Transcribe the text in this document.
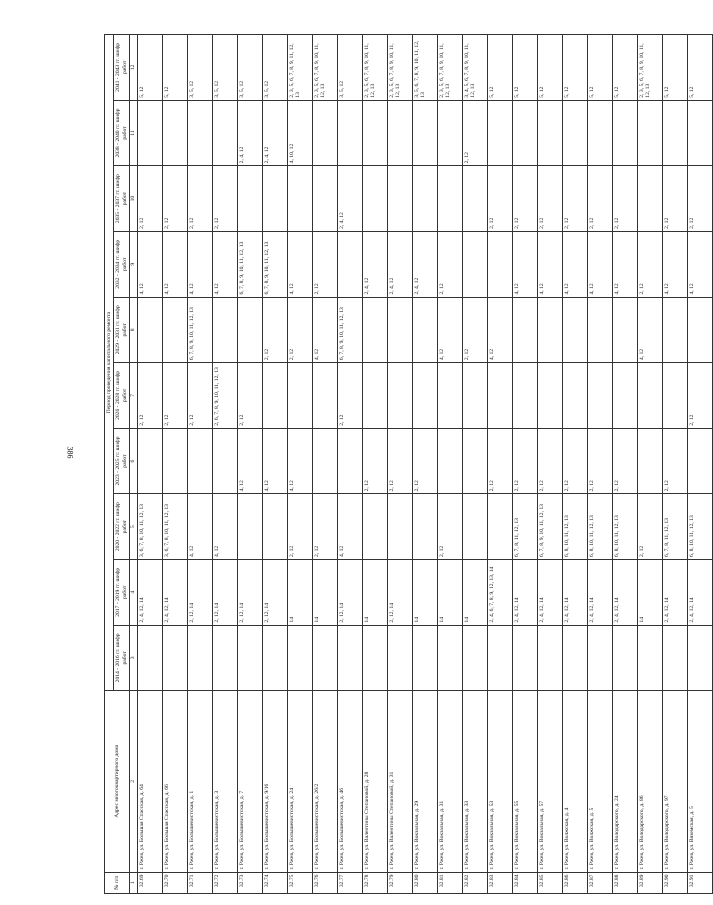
386
№ п/п	Адрес многоквартирного дома	Период проведения капитального ремонта									
		2014 - 2016 гг. шифр работ	2017 - 2019 гг. шифр работ	2020 - 2022 гг. шифр работ	2023 - 2025 гг. шифр работ	2026 - 2028 гг. шифр работ	2029 - 2031 гг. шифр работ	2032 - 2034 гг. шифр работ	2035 - 2037 гг. шифр работ	2038 - 2040 гг. шифр работ	2041 - 2043 гг. шифр работ
1	2	3	4	5	6	7	8	9	10	11	12
32.69	г. Ржев, ул. Большая Спасская, д. 64		2, 4, 12, 14	3, 6, 7, 8, 10, 11, 12, 13		2, 12		4, 12	2, 12		5, 12
32.70	г. Ржев, ул. Большая Спасская, д. 66		2, 4, 12, 14	3, 6, 7, 8, 10, 11, 12, 13		2, 12		4, 12	2, 12		5, 12
32.71	г. Ржев, ул. Болышевистская, д. 1		2, 12, 14	4, 12		2, 12	6, 7, 8, 9, 10, 11, 12, 13	4, 12	2, 12		3, 5, 12
32.72	г. Ржев, ул. Болышевистская, д. 3		2, 12, 14	4, 12		2, 6, 7, 8, 9, 10, 11, 12, 13		4, 12	2, 12		3, 5, 12
32.73	г. Ржев, ул. Болышевистская, д. 7		2, 12, 14		4, 12	2, 12		6, 7, 8, 9, 10, 11, 12, 13		2, 4, 12	3, 5, 12
32.74	г. Ржев, ул. Болышевистская, д. 9/16		2, 12, 14		4, 12		2, 12	6, 7, 8, 9, 10, 11, 12, 13		2, 4, 12	3, 5, 12
32.75	г. Ржев, ул. Болышевистская, д. 24		14	2, 12	4, 12		2, 12	4, 12		4, 10, 12	2, 3, 5, 6, 7, 8, 9, 11, 12, 13
32.76	г. Ржев, ул. Болышевистская, д. 26/2		14	2, 12			4, 12	2, 12			2, 3, 5, 6, 7, 8, 9, 10, 11, 12, 13
32.77	г. Ржев, ул. Болышевистская, д. 46		2, 12, 14	4, 12		2, 12	6, 7, 8, 9, 10, 11, 12, 13		2, 4, 12		3, 5, 12
32.78	г. Ржев, ул. Валентины Степановой, д. 28		14		2, 12			2, 4, 12			2, 3, 5, 6, 7, 8, 9, 10, 11, 12, 13
32.79	г. Ржев, ул. Валентины Степановой, д. 31		2, 12, 14		2, 12			2, 4, 12			2, 3, 5, 6, 7, 8, 9, 10, 11, 12, 13
32.80	г. Ржев, ул. Вокзальная, д. 29		14		2, 12			2, 4, 12			3, 5, 6, 7, 8, 9, 10, 11, 12, 13
32.81	г. Ржев, ул. Вокзальная, д. 31		14	2, 12			4, 12	2, 12			2, 3, 5, 6, 7, 8, 9, 10, 11, 12, 13
32.82	г. Ржев, ул. Вокзальная, д. 33		14				2, 12			2, 12	3, 4, 5, 6, 7, 8, 9, 10, 11, 12, 13
32.83	г. Ржев, ул. Вокзальная, д. 53		2, 4, 6, 7, 8, 9, 12, 13, 14		2, 12		4, 12		2, 12		5, 12
32.84	г. Ржев, ул. Вокзальная, д. 55		2, 4, 12, 14	6, 7, 8, 11, 12, 13	2, 12			4, 12	2, 12		5, 12
32.85	г. Ржев, ул. Вокзальная, д. 57		2, 4, 12, 14	6, 7, 8, 9, 10, 11, 12, 13	2, 12			4, 12	2, 12		5, 12
32.86	г. Ржев, ул. Волжская, д. 4		2, 4, 12, 14	6, 8, 10, 11, 12, 13	2, 12			4, 12	2, 12		5, 12
32.87	г. Ржев, ул. Волжская, д. 5		2, 4, 12, 14	6, 8, 10, 11, 12, 13	2, 12			4, 12	2, 12		5, 12
32.88	г. Ржев, ул. Володарского, д. 24		2, 4, 12, 14	6, 8, 10, 11, 12, 13	2, 12			4, 12	2, 12		5, 12
32.89	г. Ржев, ул. Володарского, д. 86		14	2, 12			4, 12	2, 12			2, 3, 5, 6, 7, 8, 9, 10, 11, 12, 13
32.90	г. Ржев, ул. Володарского, д. 97		2, 4, 12, 14	6, 7, 8, 11, 12, 13	2, 12			4, 12	2, 12		5, 12
32.91	г. Ржев, ул. Вяземская, д. 5		2, 4, 12, 14	6, 8, 10, 11, 12, 13		2, 12		4, 12	2, 12		5, 12
